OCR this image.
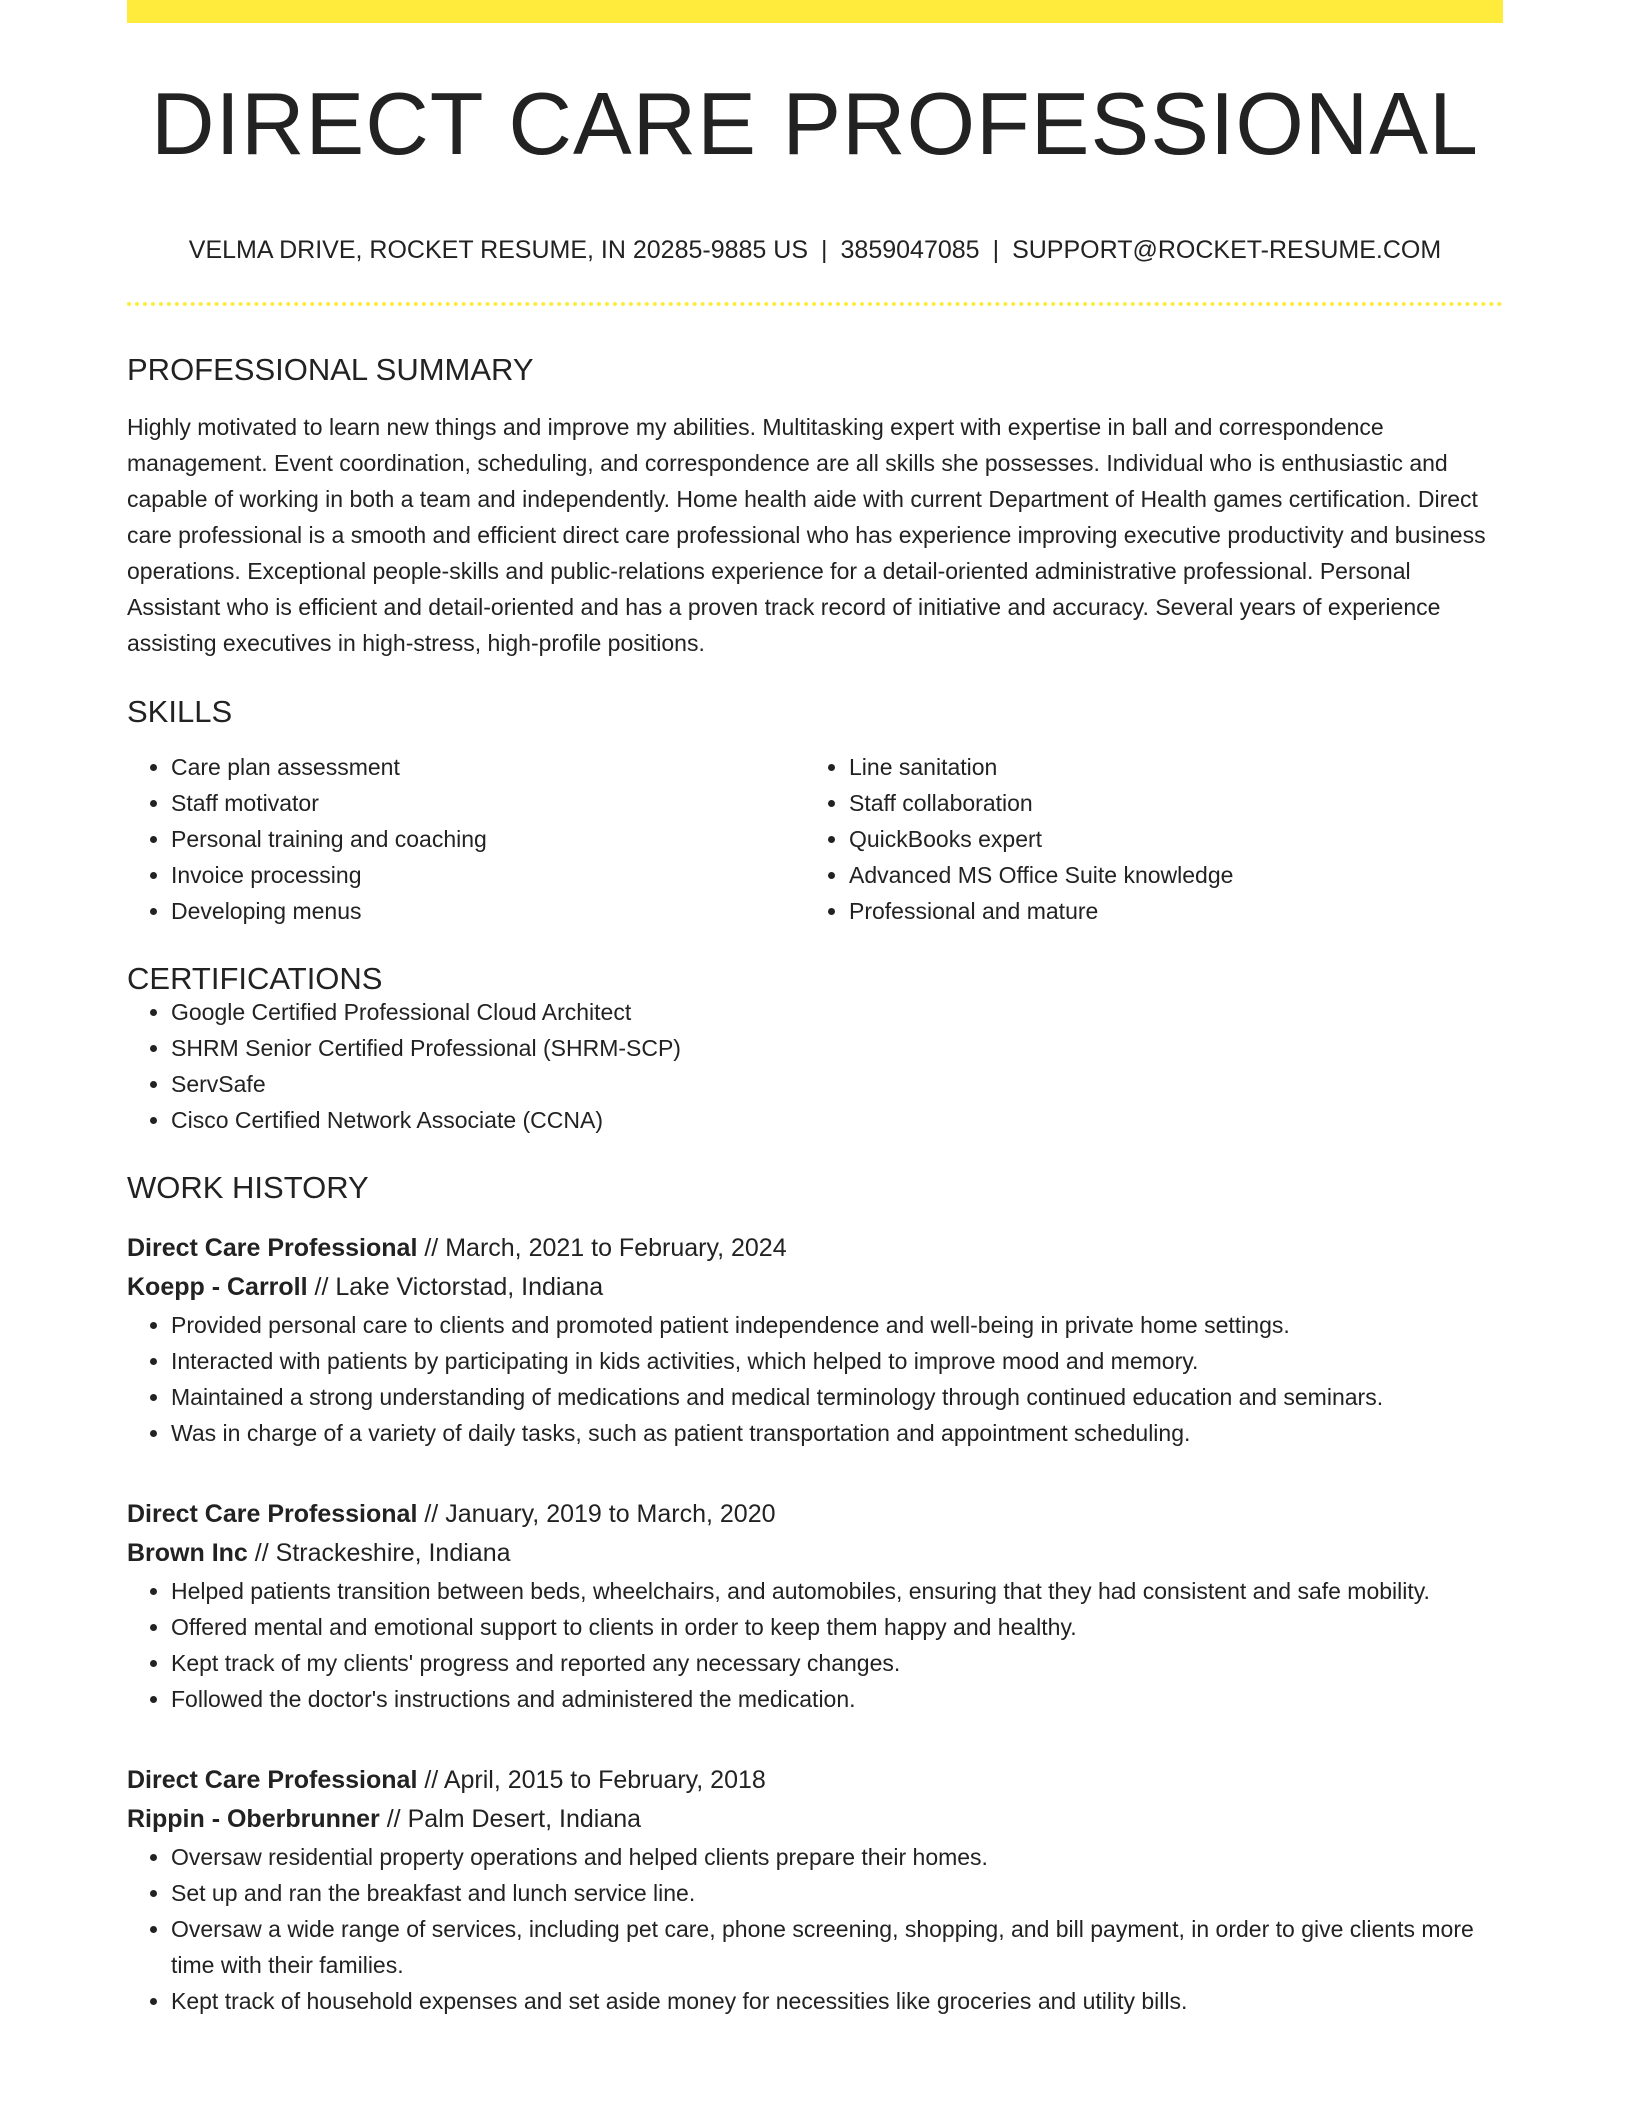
DIRECT CARE PROFESSIONAL
VELMA DRIVE, ROCKET RESUME, IN 20285-9885 US | 3859047085 | SUPPORT@ROCKET-RESUME.COM
PROFESSIONAL SUMMARY

Highly motivated to learn new things and improve my abilities. Multitasking expert with expertise in ball and correspondence management. Event coordination, scheduling, and correspondence are all skills she possesses. Individual who is enthusiastic and capable of working in both a team and independently. Home health aide with current Department of Health games certification. Direct care professional is a smooth and efficient direct care professional who has experience improving executive productivity and business operations. Exceptional people-skills and public-relations experience for a detail-oriented administrative professional. Personal Assistant who is efficient and detail-oriented and has a proven track record of initiative and accuracy. Several years of experience assisting executives in high-stress, high-profile positions.

SKILLS
• Care plan assessment
• Staff motivator
• Personal training and coaching
• Invoice processing
• Developing menus
• Line sanitation
• Staff collaboration
• QuickBooks expert
• Advanced MS Office Suite knowledge
• Professional and mature
CERTIFICATIONS
• Google Certified Professional Cloud Architect
• SHRM Senior Certified Professional (SHRM-SCP)
• ServSafe
• Cisco Certified Network Associate (CCNA)
WORK HISTORY
Direct Care Professional // March, 2021 to February, 2024
Koepp - Carroll // Lake Victorstad, Indiana
• Provided personal care to clients and promoted patient independence and well-being in private home settings.
• Interacted with patients by participating in kids activities, which helped to improve mood and memory.
• Maintained a strong understanding of medications and medical terminology through continued education and seminars.
• Was in charge of a variety of daily tasks, such as patient transportation and appointment scheduling.
Direct Care Professional // January, 2019 to March, 2020
Brown Inc // Strackeshire, Indiana
• Helped patients transition between beds, wheelchairs, and automobiles, ensuring that they had consistent and safe mobility.
• Offered mental and emotional support to clients in order to keep them happy and healthy.
• Kept track of my clients' progress and reported any necessary changes.
• Followed the doctor's instructions and administered the medication.
Direct Care Professional // April, 2015 to February, 2018
Rippin - Oberbrunner // Palm Desert, Indiana
• Oversaw residential property operations and helped clients prepare their homes.
• Set up and ran the breakfast and lunch service line.
• Oversaw a wide range of services, including pet care, phone screening, shopping, and bill payment, in order to give clients more time with their families.
• Kept track of household expenses and set aside money for necessities like groceries and utility bills.
